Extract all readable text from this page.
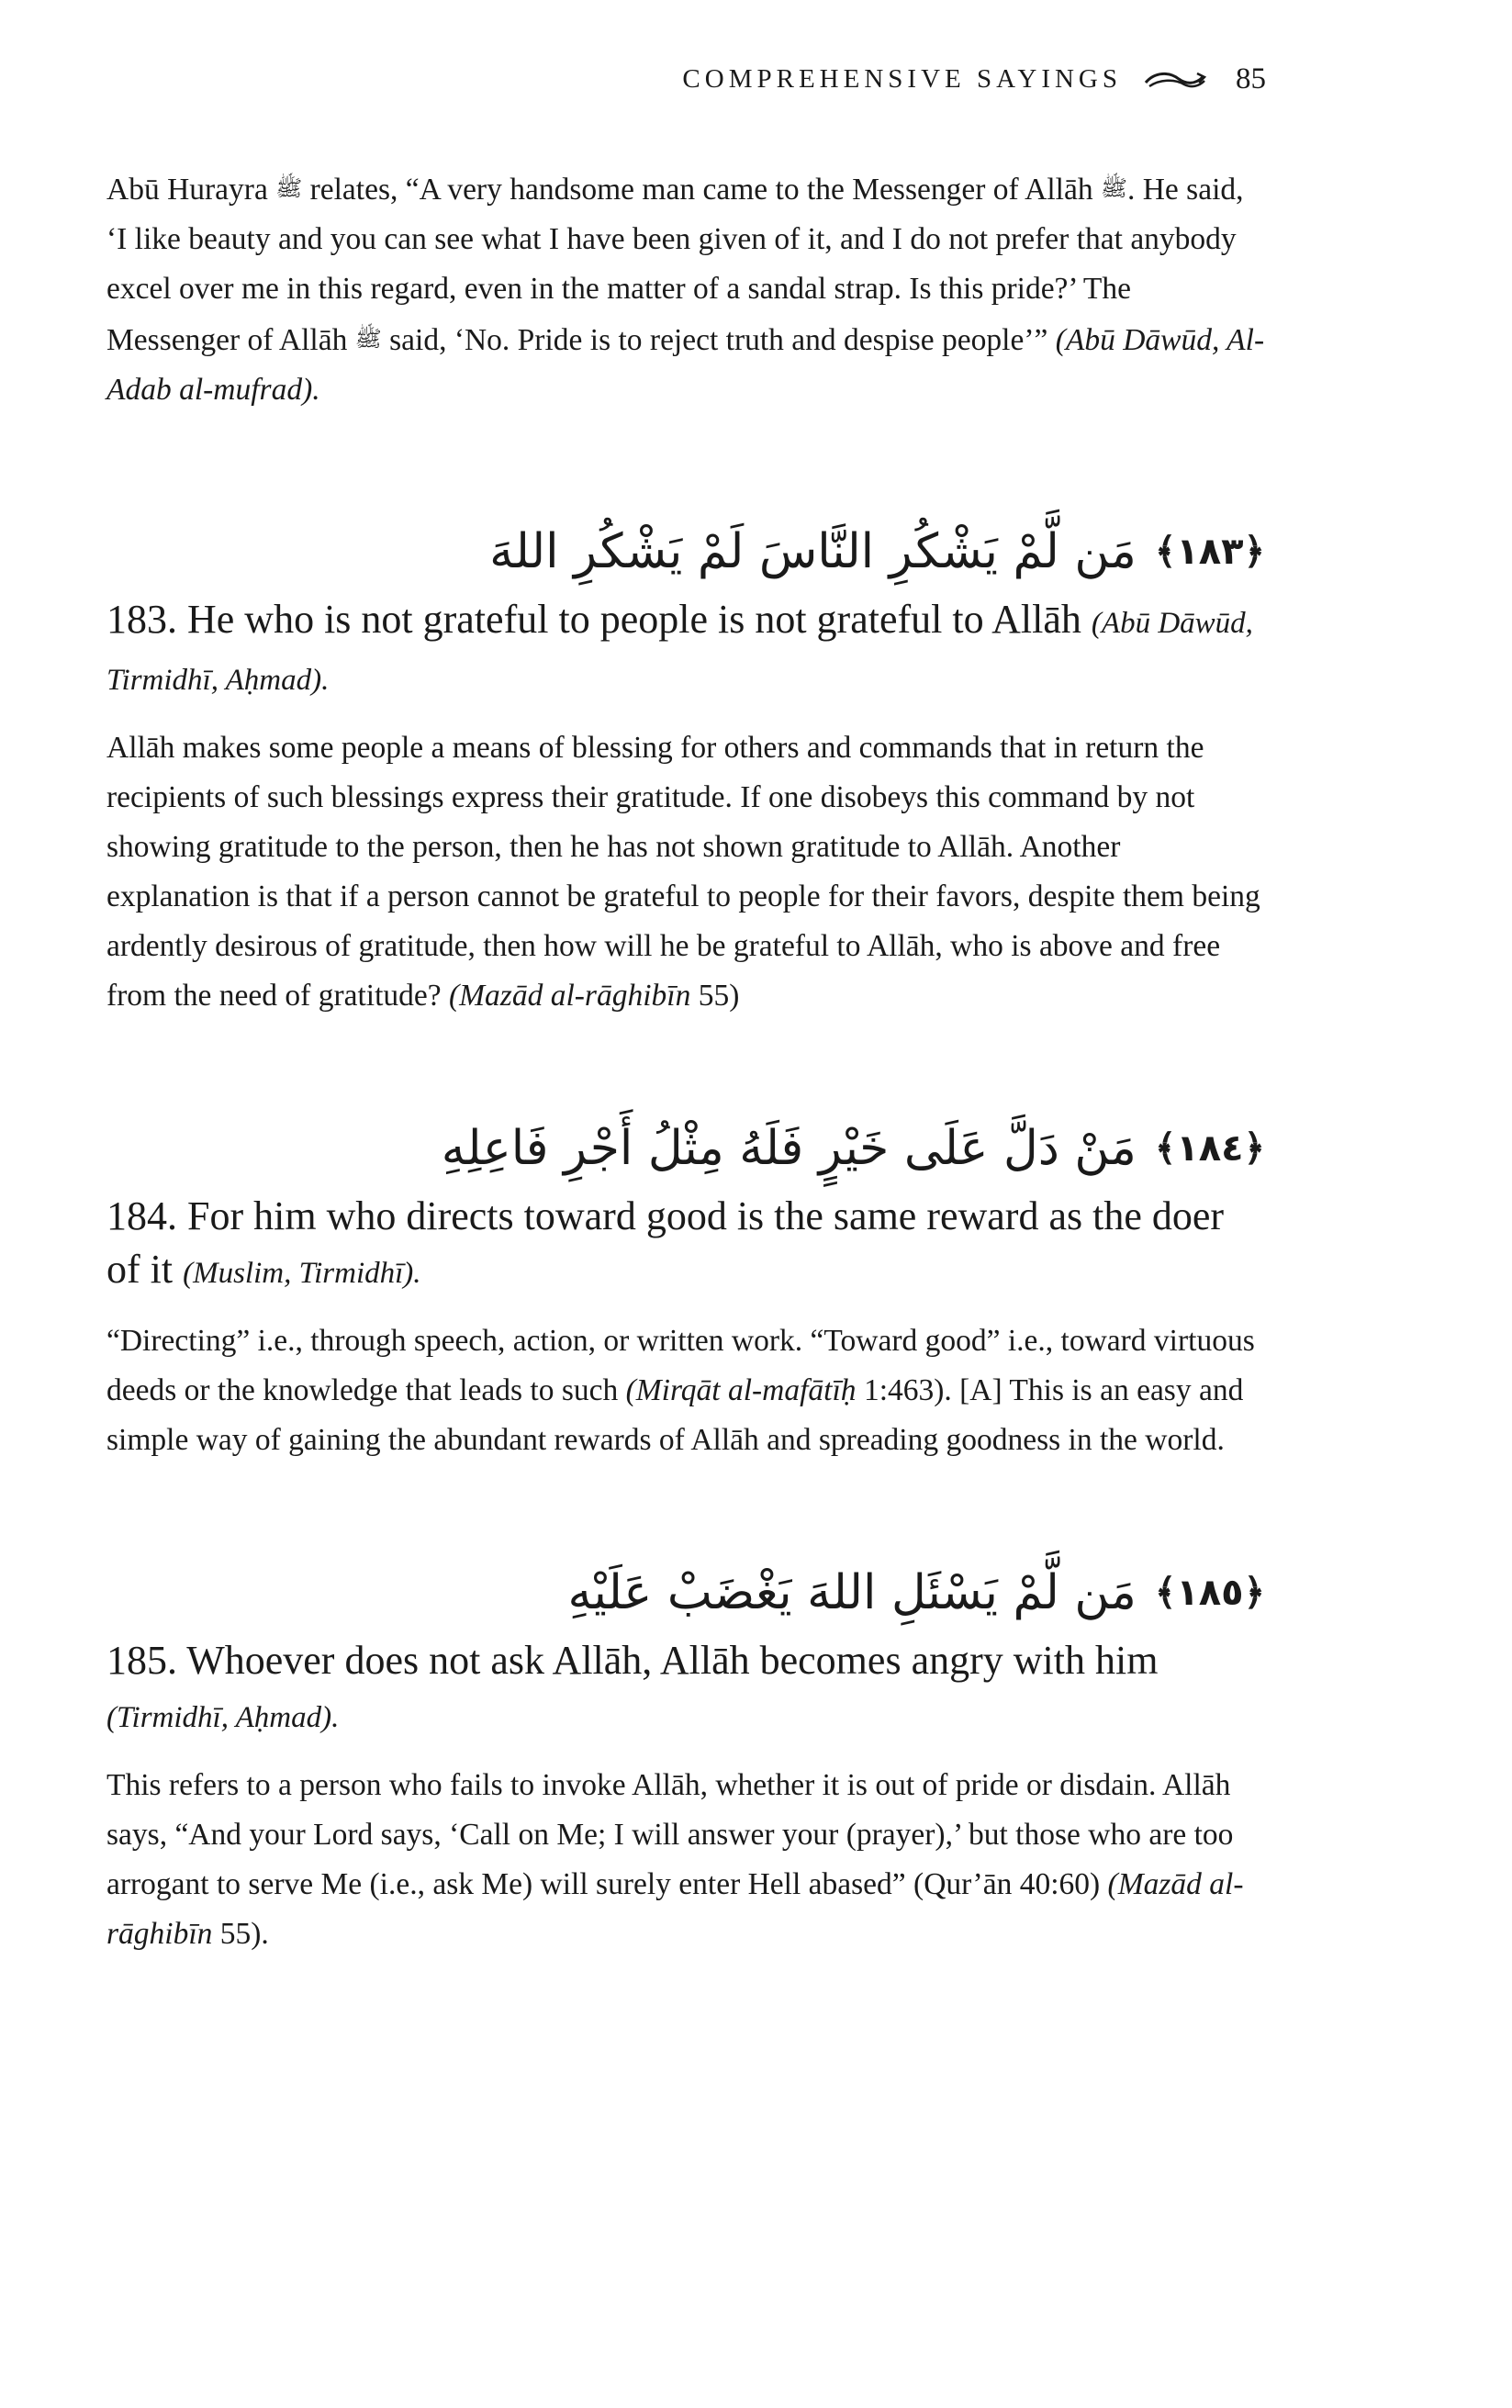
COMPREHENSIVE SAYINGS	85

Abū Hurayra ﷺ relates, “A very handsome man came to the Messenger of Allāh ﷺ. He said, ‘I like beauty and you can see what I have been given of it, and I do not prefer that anybody excel over me in this regard, even in the matter of a sandal strap. Is this pride?’ The Messenger of Allāh ﷺ said, ‘No. Pride is to reject truth and despise people’” (Abū Dāwūd, Al-Adab al-mufrad).

﴿١٨٣﴾
مَن لَّمْ يَشْكُرِ النَّاسَ لَمْ يَشْكُرِ اللهَ

183. He who is not grateful to people is not grateful to Allāh (Abū Dāwūd, Tirmidhī, Aḥmad).

Allāh makes some people a means of blessing for others and commands that in return the recipients of such blessings express their gratitude. If one disobeys this command by not showing gratitude to the person, then he has not shown gratitude to Allāh. Another explanation is that if a person cannot be grateful to people for their favors, despite them being ardently desirous of gratitude, then how will he be grateful to Allāh, who is above and free from the need of gratitude? (Mazād al-rāghibīn 55)

﴿١٨٤﴾
مَنْ دَلَّ عَلَى خَيْرٍ فَلَهُ مِثْلُ أَجْرِ فَاعِلِهِ

184. For him who directs toward good is the same reward as the doer of it (Muslim, Tirmidhī).

“Directing” i.e., through speech, action, or written work. “Toward good” i.e., toward virtuous deeds or the knowledge that leads to such (Mirqāt al-mafātīḥ 1:463). [A] This is an easy and simple way of gaining the abundant rewards of Allāh and spreading goodness in the world.

﴿١٨٥﴾
مَن لَّمْ يَسْئَلِ اللهَ يَغْضَبْ عَلَيْهِ

185. Whoever does not ask Allāh, Allāh becomes angry with him (Tirmidhī, Aḥmad).

This refers to a person who fails to invoke Allāh, whether it is out of pride or disdain. Allāh says, “And your Lord says, ‘Call on Me; I will answer your (prayer),’ but those who are too arrogant to serve Me (i.e., ask Me) will surely enter Hell abased” (Qur’ān 40:60) (Mazād al-rāghibīn 55).
